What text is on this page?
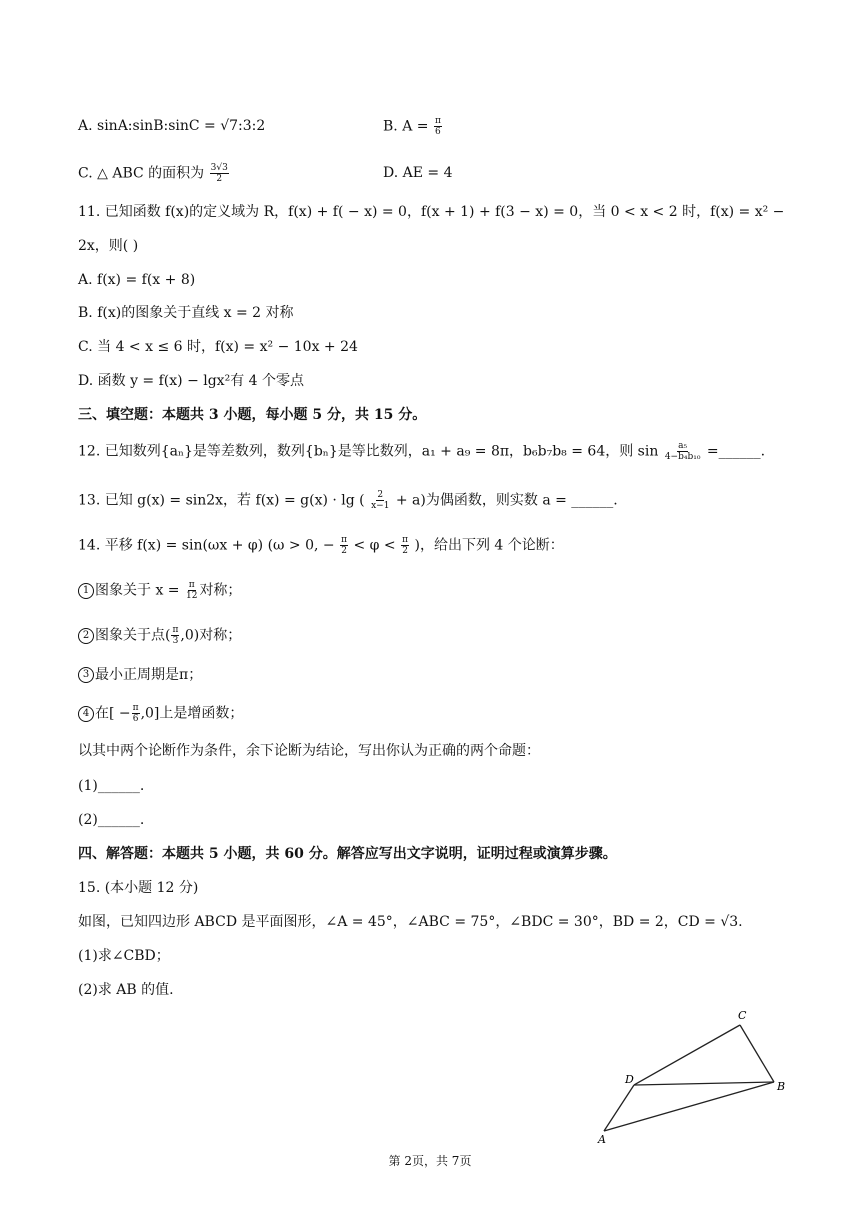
A. sinA:sinB:sinC = √7:3:2	B. $A = \frac{\pi}{6}$
C. △ ABC 的面积为 $\frac{3√3}{2}$	D. AE = 4
11. 已知函数 f(x)的定义域为 R，f(x) + f( − x) = 0，f(x + 1) + f(3 − x) = 0，当 0 < x < 2 时，f(x) = x² −
2x，则( )
A. f(x) = f(x + 8)
B. f(x)的图象关于直线 x = 2 对称
C. 当 4 < x ≤ 6 时，f(x) = x² − 10x + 24
D. 函数 y = f(x) − lgx²有 4 个零点
三、填空题：本题共 3 小题，每小题 5 分，共 15 分。
12. 已知数列{aₙ}是等差数列，数列{bₙ}是等比数列，a₁ + a₉ = 8π，b₆b₇b₈ = 64，则 $\sin \frac{\text{a₅}}{\text{4−b₄b₁₀}}$ =______.
13. 已知 g(x) = sin2x，若 f(x) = g(x) · lg ( $\frac{2}{x-1} + a$)为偶函数，则实数 a = ______.
14. 平移 f(x) = sin(ωx + φ) (ω > 0, − $\frac{\pi}{2} < \varphi < \frac{\pi}{2}$ )，给出下列 4 个论断：
1 图象关于 $x = \frac{\pi}{12}$ 对称；
2 图象关于点( $\frac{\pi}{3} ,0$)对称；
3 最小正周期是π；
4 在[ − $\frac{\pi}{6} ,0$]上是增函数；
以其中两个论断作为条件，余下论断为结论，写出你认为正确的两个命题：
(1)______.
(2)______.
四、解答题：本题共 5 小题，共 60 分。解答应写出文字说明，证明过程或演算步骤。
15. (本小题 12 分)
如图，已知四边形 ABCD 是平面图形，∠A = 45°，∠ABC = 75°，∠BDC = 30°，BD = 2，CD = √3.
(1)求∠CBD；
(2)求 AB 的值.
C
D
B
A
第 2页，共 7页
